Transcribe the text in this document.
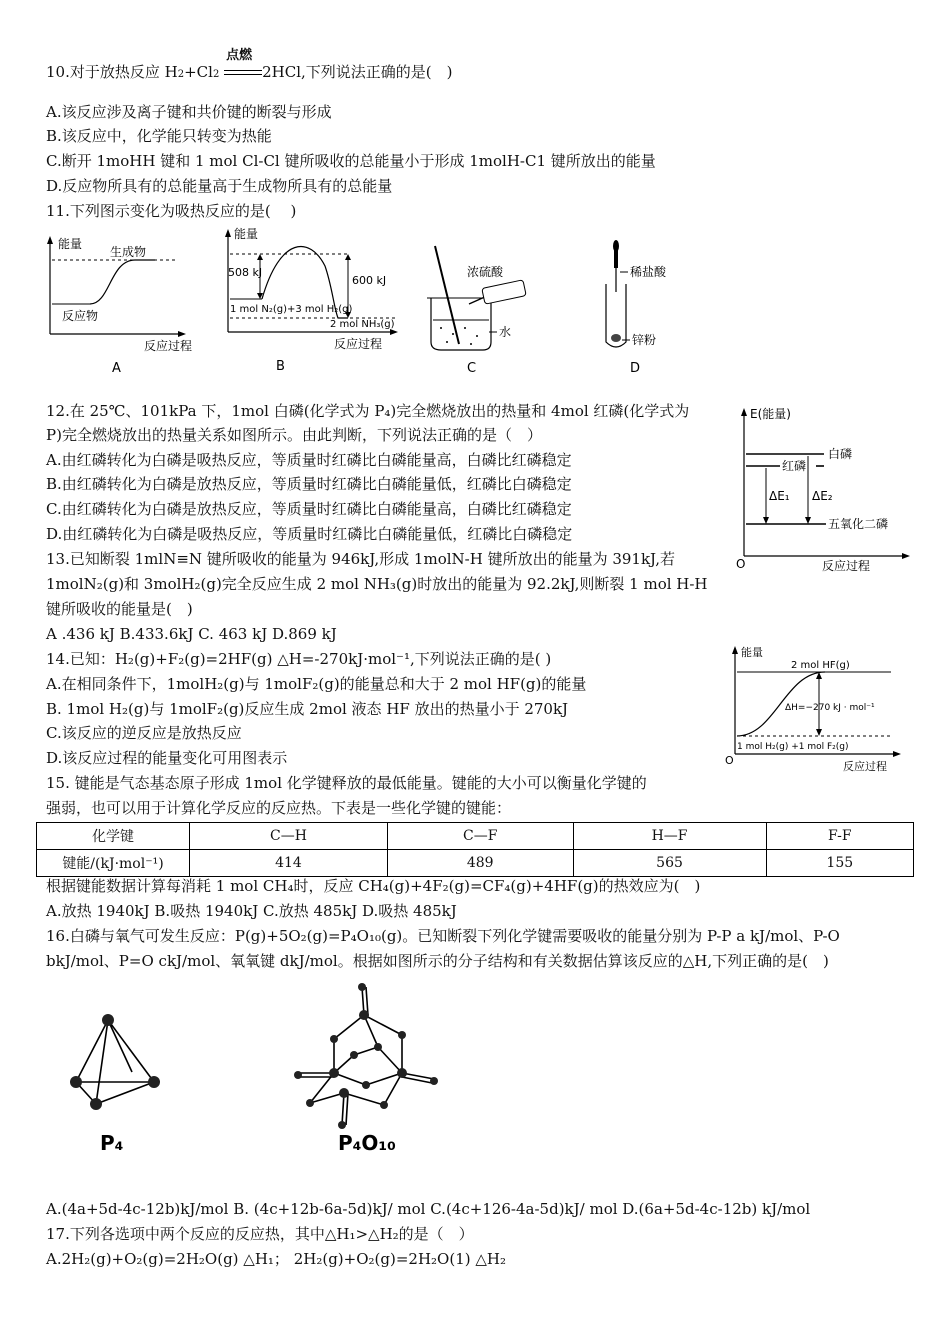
10.对于放热反应 H2+Cl2
点燃
2HCl,下列说法正确的是(　)
A.该反应涉及离子键和共价键的断裂与形成
B.该反应中，化学能只转变为热能
C.断开 1moHH 键和 1 mol Cl-Cl 键所吸收的总能量小于形成 1molH-C1 键所放出的能量
D.反应物所具有的总能量高于生成物所具有的总能量
11.下列图示变化为吸热反应的是(　 )
能量
生成物
反应物
反应过程
A
能量
508 kJ
600 kJ
1 mol N₂(g)+3 mol H₂(g)
2 mol NH₃(g)
反应过程
B
浓硫酸
水
C
稀盐酸
锌粉
D
12.在 25℃、101kPa 下，1mol 白磷(化学式为 P₄)完全燃烧放出的热量和 4mol 红磷(化学式为
P)完全燃烧放出的热量关系如图所示。由此判断，下列说法正确的是（　）
A.由红磷转化为白磷是吸热反应，等质量时红磷比白磷能量高，白磷比红磷稳定
B.由红磷转化为白磷是放热反应，等质量时红磷比白磷能量低，红磷比白磷稳定
C.由红磷转化为白磷是放热反应，等质量时红磷比白磷能量高，白磷比红磷稳定
D.由红磷转化为白磷是吸热反应，等质量时红磷比白磷能量低，红磷比白磷稳定
E(能量)
白磷
红磷
五氧化二磷
ΔE₁ ΔE₂
O	反应过程
13.已知断裂 1mlN≡N 键所吸收的能量为 946kJ,形成 1molN-H 键所放出的能量为 391kJ,若
1molN₂(g)和 3molH₂(g)完全反应生成 2 mol NH₃(g)时放出的能量为 92.2kJ,则断裂 1 mol H-H
键所吸收的能量是(　)
A .436 kJ B.433.6kJ C. 463 kJ D.869 kJ
14.已知：H₂(g)+F₂(g)=2HF(g) △H=-270kJ·mol⁻¹,下列说法正确的是( )
A.在相同条件下，1molH₂(g)与 1molF₂(g)的能量总和大于 2 mol HF(g)的能量
B. 1mol H₂(g)与 1molF₂(g)反应生成 2mol 液态 HF 放出的热量小于 270kJ
C.该反应的逆反应是放热反应
D.该反应过程的能量变化可用图表示
能量
2 mol HF(g)
ΔH=−270 kJ · mol⁻¹
1 mol H₂(g) +1 mol F₂(g)
O	反应过程
15. 键能是气态基态原子形成 1mol 化学键释放的最低能量。键能的大小可以衡量化学键的
强弱，也可以用于计算化学反应的反应热。下表是一些化学键的键能：
化学键	C—H	C—F	H—F	F-F
键能/(kJ·mol⁻¹)	414	489	565	155
根据键能数据计算每消耗 1 mol CH₄时，反应 CH₄(g)+4F₂(g)=CF₄(g)+4HF(g)的热效应为(　)
A.放热 1940kJ B.吸热 1940kJ C.放热 485kJ D.吸热 485kJ
16.白磷与氧气可发生反应：P(g)+5O₂(g)=P₄O₁₀(g)。已知断裂下列化学键需要吸收的能量分别为 P-P a kJ/mol、P-O
bkJ/mol、P=O ckJ/mol、氧氧键 dkJ/mol。根据如图所示的分子结构和有关数据估算该反应的△H,下列正确的是(　)
P₄	P₄O₁₀
A.(4a+5d-4c-12b)kJ/mol B. (4c+12b-6a-5d)kJ/ mol C.(4c+126-4a-5d)kJ/ mol D.(6a+5d-4c-12b) kJ/mol
17.下列各选项中两个反应的反应热，其中△H₁>△H₂的是（　）
A.2H₂(g)+O₂(g)=2H₂O(g) △H₁； 2H₂(g)+O₂(g)=2H₂O(1) △H₂
